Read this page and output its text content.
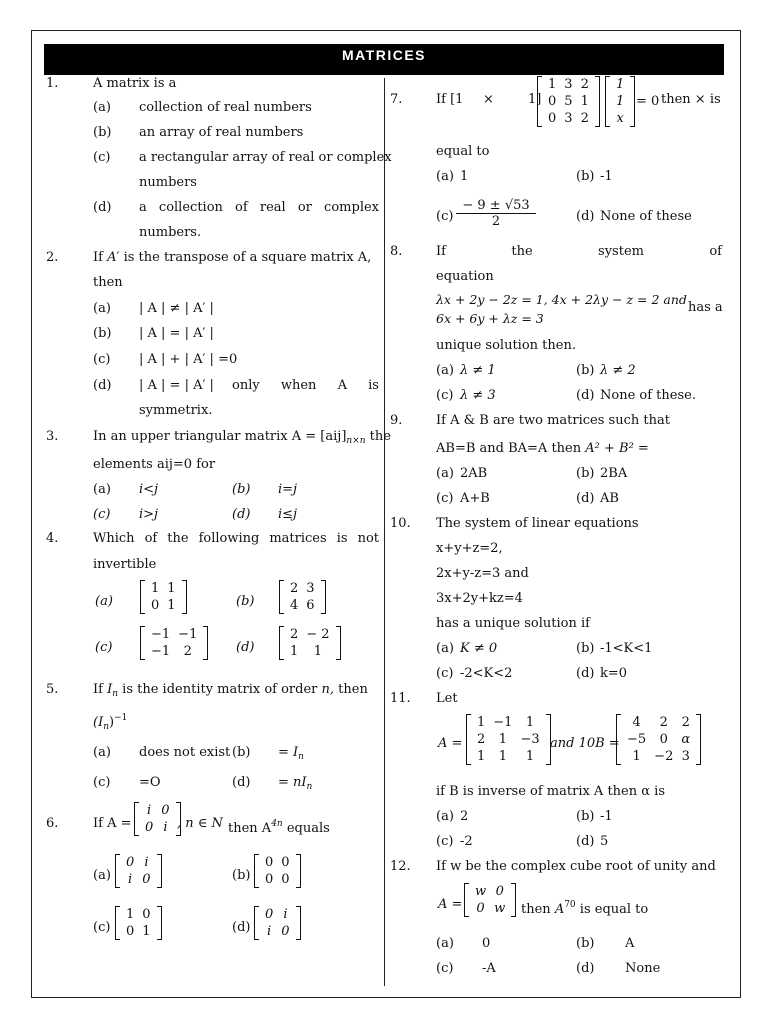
MATRICES
1.	A matrix is a
(a) collection of real numbers
(b) an array of real numbers
(c) a rectangular array of real or complex
numbers
(d) a collection of real or complex
numbers.
2.	If A′ is the transpose of a square matrix A,
then
(a) | A | ≠ | A′ |
(b) | A | = | A′ |
(c) | A | + | A′ | =0
(d) | A | = | A′ | only when A is
symmetrix.
3.	In an upper triangular matrix $A = [aij]_{n\times n}$ the
elements aij=0 for
(a) i<j	(b) i=j
(c) i>j	(d) i≤j
4.	Which of the following matrices is not
invertible
(a)
1	1
0	1	(b)
2	3
4	6
(c)
−1	−1
−1	2	(d)
2	− 2
1	1
5.	If $I_n$ is the identity matrix of order n, then
$(I_n)^{-1}$
(a) does not exist $(b) = I_n$
(c) =O	$(d) = nI_n$
6.	If A =
i	0
0	i , n ∈ N then $A^{4n}$ equals
(a)
0	i
i	0	(b)
0	0
0	0
(c)
1	0
0	1	(d)
0	i
i	0
7.	If [1 ×	1]
1	3	2
0	5	1
0	3	2
1
1
x
= 0 then × is
equal to
(a) 1	(b) -1
$(c) \frac{- 9 \pm √53}{2}$	(d) None of these
8.	If	the	system	of
equation
λx + 2y − 2z = 1, 4x + 2λy − z = 2 and
6x + 6y + λz = 3
has a
unique solution then.
(a) λ ≠ 1	(b) λ ≠ 2
(c) λ ≠ 3	(d) None of these.
9.	If A & B are two matrices such that
AB=B and BA=A then A² + B² =
(a) 2AB	(b) 2BA
(c) A+B	(d) AB
10. The system of linear equations
x+y+z=2,
2x+y-z=3 and
3x+2y+kz=4
has a unique solution if
(a) K ≠ 0	(b) -1<K<1
(c) -2<K<2	(d) k=0
11. Let
A =
1	−1	1
2	1	−3
1	1	1
and 10B =
4	2	2
−5	0	α
1	−2	3
if B is inverse of matrix A then α is
(a) 2	(b) -1
(c) -2	(d) 5
12. If w be the complex cube root of unity and
A =
w	0
0	w then $A^{70}$ is equal to
(a) 0	(b) A
(c) -A	(d) None
